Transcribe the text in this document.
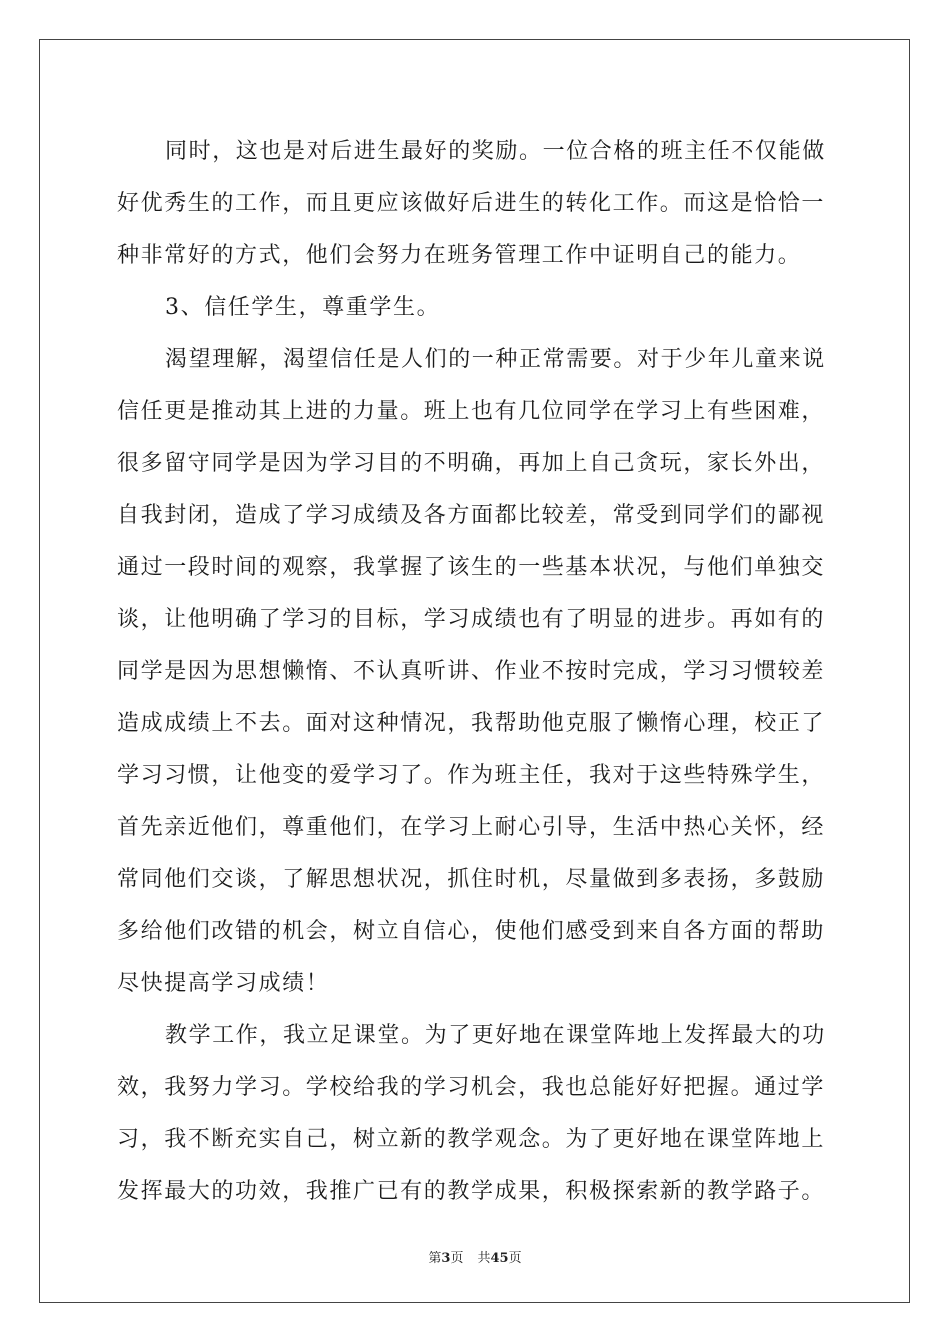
同时，这也是对后进生最好的奖励。一位合格的班主任不仅能做
好优秀生的工作，而且更应该做好后进生的转化工作。而这是恰恰一
种非常好的方式，他们会努力在班务管理工作中证明自己的能力。

3、信任学生，尊重学生。

渴望理解，渴望信任是人们的一种正常需要。对于少年儿童来说
信任更是推动其上进的力量。班上也有几位同学在学习上有些困难，
很多留守同学是因为学习目的不明确，再加上自己贪玩，家长外出，
自我封闭，造成了学习成绩及各方面都比较差，常受到同学们的鄙视
通过一段时间的观察，我掌握了该生的一些基本状况，与他们单独交
谈，让他明确了学习的目标，学习成绩也有了明显的进步。再如有的
同学是因为思想懒惰、不认真听讲、作业不按时完成，学习习惯较差
造成成绩上不去。面对这种情况，我帮助他克服了懒惰心理，校正了
学习习惯，让他变的爱学习了。作为班主任，我对于这些特殊学生，
首先亲近他们，尊重他们，在学习上耐心引导，生活中热心关怀，经
常同他们交谈，了解思想状况，抓住时机，尽量做到多表扬，多鼓励
多给他们改错的机会，树立自信心，使他们感受到来自各方面的帮助
尽快提高学习成绩！

教学工作，我立足课堂。为了更好地在课堂阵地上发挥最大的功
效，我努力学习。学校给我的学习机会，我也总能好好把握。通过学
习，我不断充实自己，树立新的教学观念。为了更好地在课堂阵地上
发挥最大的功效，我推广已有的教学成果，积极探索新的教学路子。

第3页 共45页
